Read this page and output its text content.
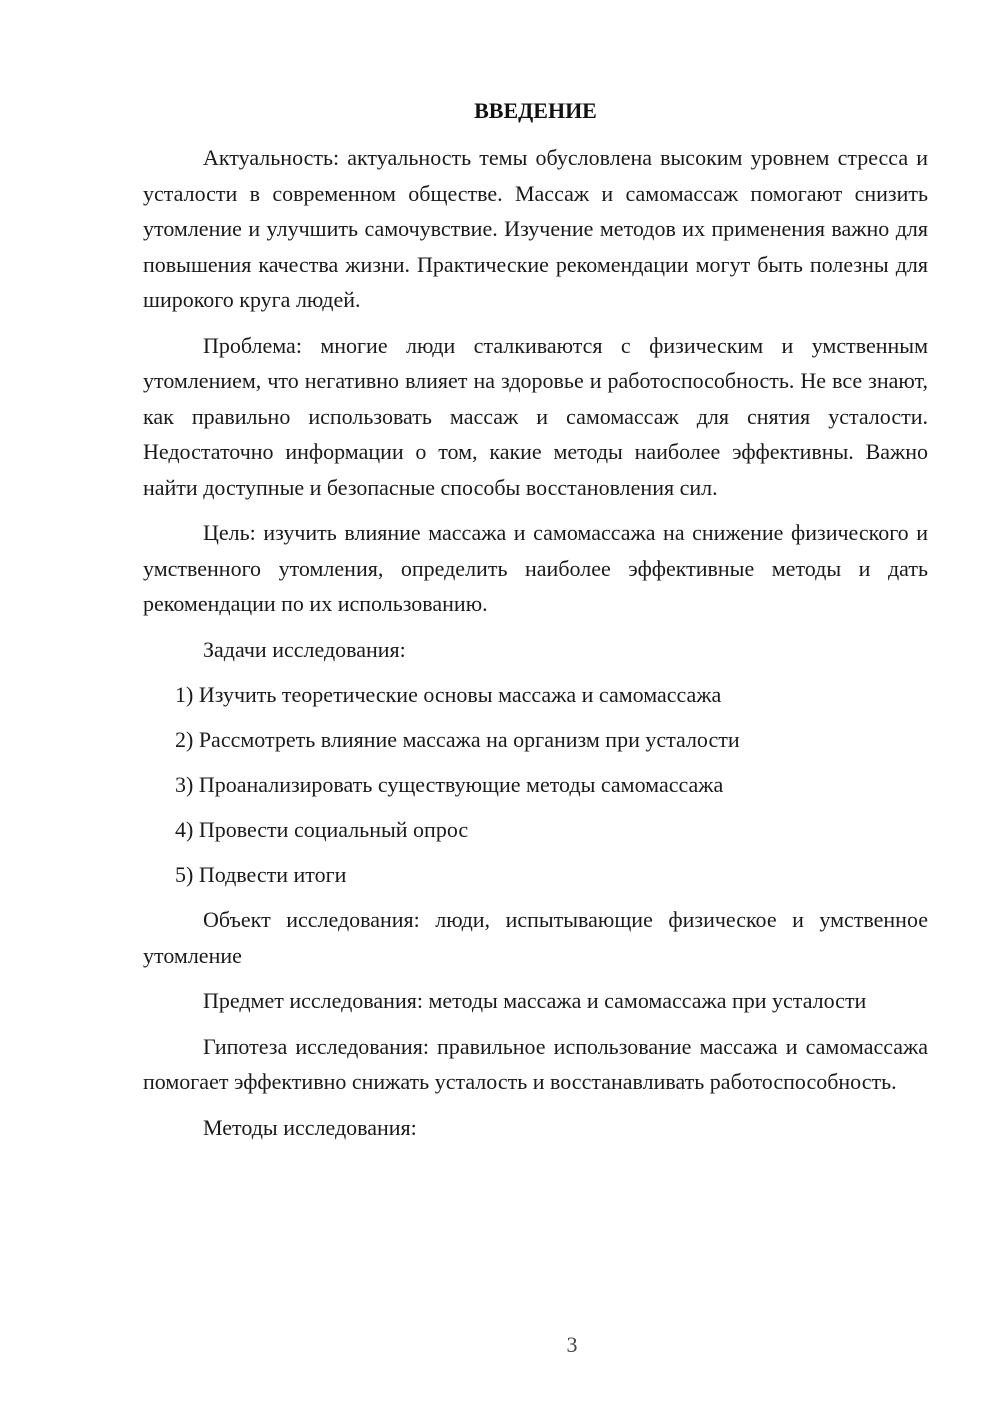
ВВЕДЕНИЕ

Актуальность: актуальность темы обусловлена высоким уровнем стресса и усталости в современном обществе. Массаж и самомассаж помогают снизить утомление и улучшить самочувствие. Изучение методов их применения важно для повышения качества жизни. Практические рекомендации могут быть полезны для широкого круга людей.

Проблема: многие люди сталкиваются с физическим и умственным утомлением, что негативно влияет на здоровье и работоспособность. Не все знают, как правильно использовать массаж и самомассаж для снятия усталости. Недостаточно информации о том, какие методы наиболее эффективны. Важно найти доступные и безопасные способы восстановления сил.

Цель: изучить влияние массажа и самомассажа на снижение физического и умственного утомления, определить наиболее эффективные методы и дать рекомендации по их использованию.

Задачи исследования:

1) Изучить теоретические основы массажа и самомассажа
2) Рассмотреть влияние массажа на организм при усталости
3) Проанализировать существующие методы самомассажа
4) Провести социальный опрос
5) Подвести итоги

Объект исследования: люди, испытывающие физическое и умственное утомление

Предмет исследования: методы массажа и самомассажа при усталости

Гипотеза исследования: правильное использование массажа и самомассажа помогает эффективно снижать усталость и восстанавливать работоспособность.

Методы исследования:

3
